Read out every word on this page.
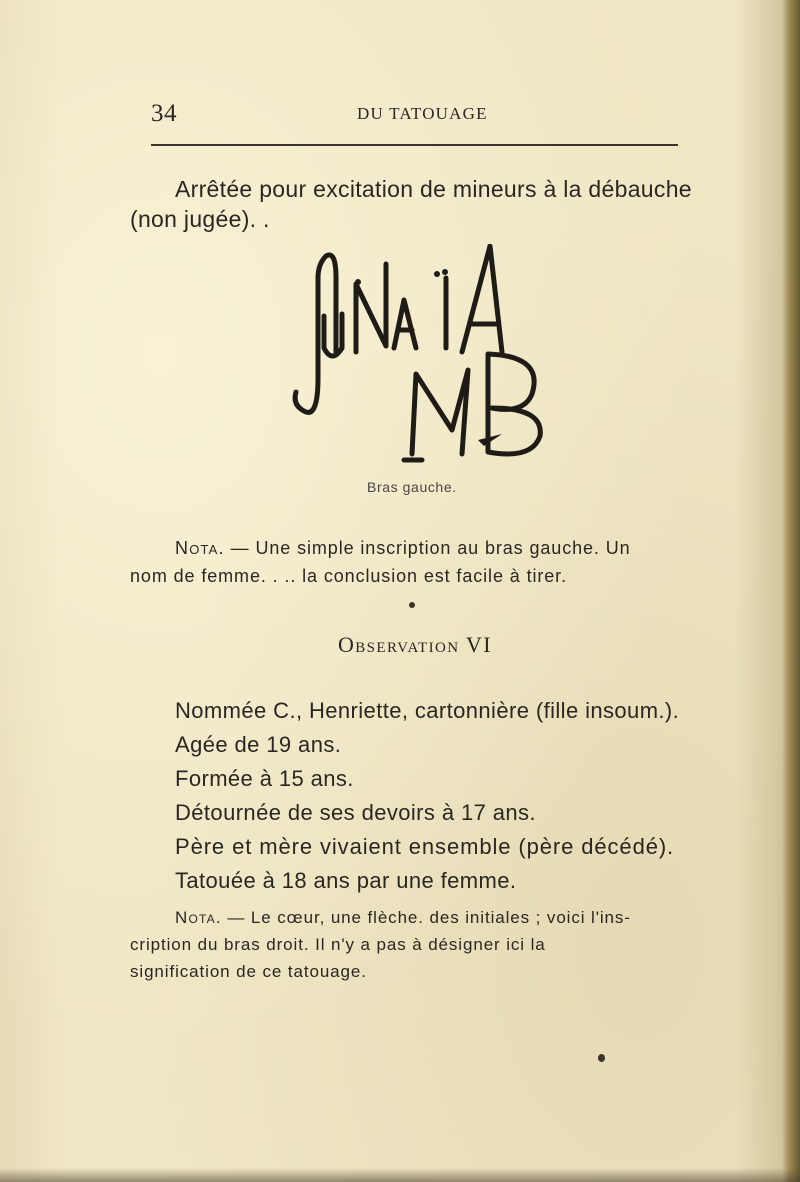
34	DU TATOUAGE

Arrêtée pour excitation de mineurs à la débauche
(non jugée). .

Bras gauche.

Nota. — Une simple inscription au bras gauche. Un
nom de femme. . .. la conclusion est facile à tirer.

Observation VI
Nommée C., Henriette, cartonnière (fille insoum.).
Agée de 19 ans.
Formée à 15 ans.
Détournée de ses devoirs à 17 ans.
Père et mère vivaient ensemble (père décédé).
Tatouée à 18 ans par une femme.

Nota. — Le cœur, une flèche. des initiales ; voici l'ins-
cription du bras droit. Il n'y a pas à désigner ici la
signification de ce tatouage.
